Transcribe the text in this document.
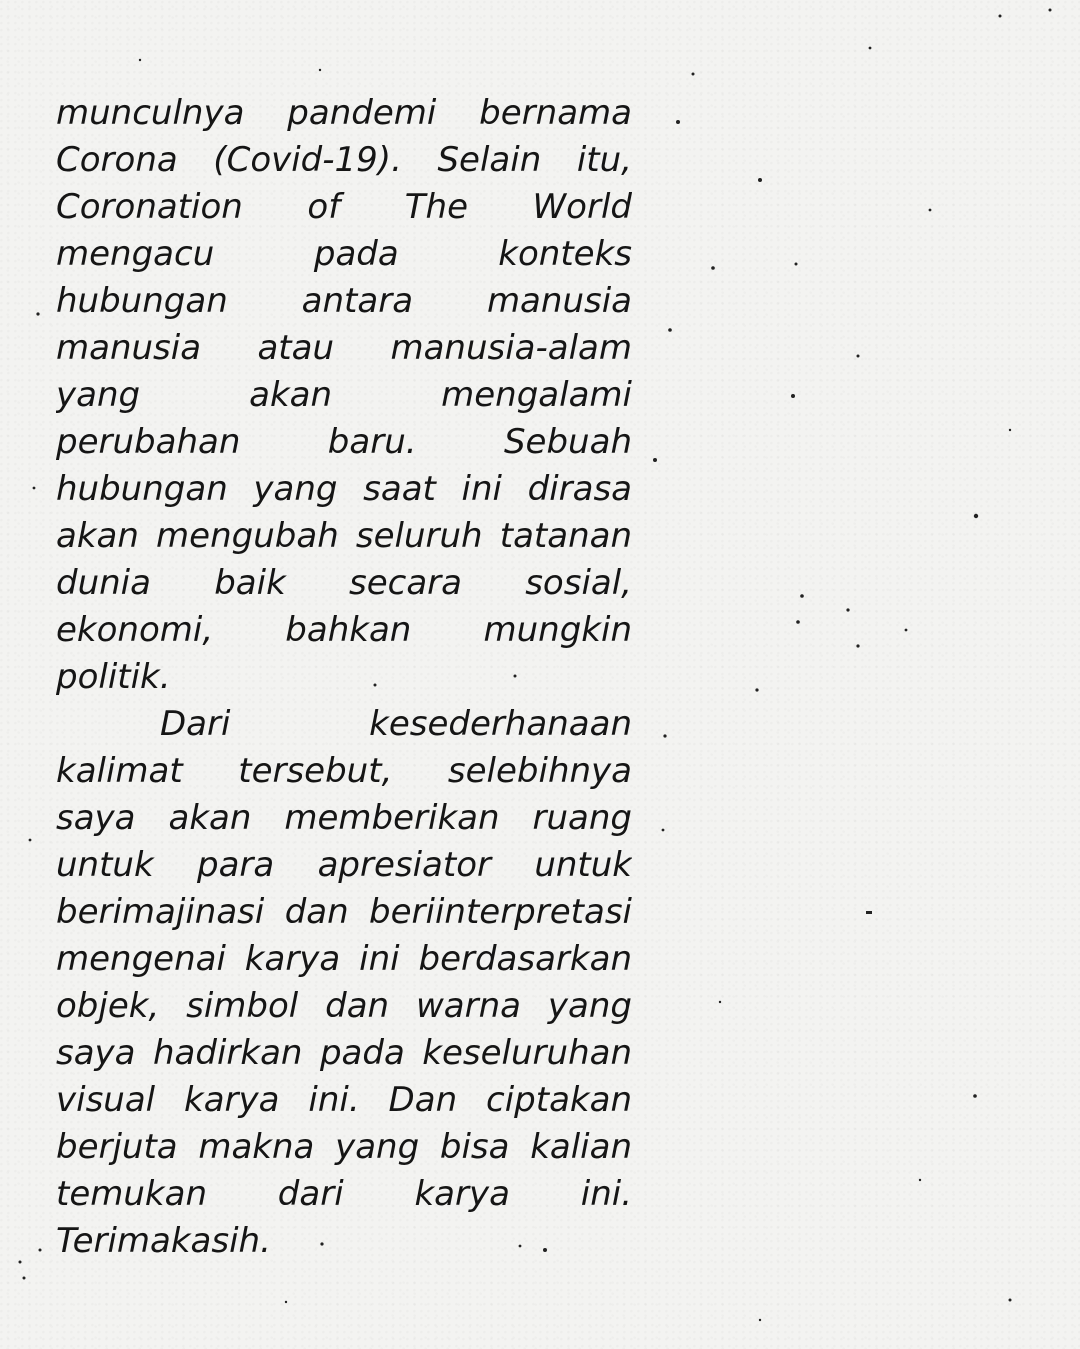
munculnya pandemi bernama
Corona (Covid-19). Selain itu,
Coronation of The World
mengacu pada konteks
hubungan antara manusia
manusia atau manusia-alam
yang akan mengalami
perubahan baru. Sebuah
hubungan yang saat ini dirasa
akan mengubah seluruh tatanan
dunia baik secara sosial,
ekonomi, bahkan mungkin
politik.
Dari kesederhanaan
kalimat tersebut, selebihnya
saya akan memberikan ruang
untuk para apresiator untuk
berimajinasi dan beriinterpretasi
mengenai karya ini berdasarkan
objek, simbol dan warna yang
saya hadirkan pada keseluruhan
visual karya ini. Dan ciptakan
berjuta makna yang bisa kalian
temukan dari karya ini.
Terimakasih.
